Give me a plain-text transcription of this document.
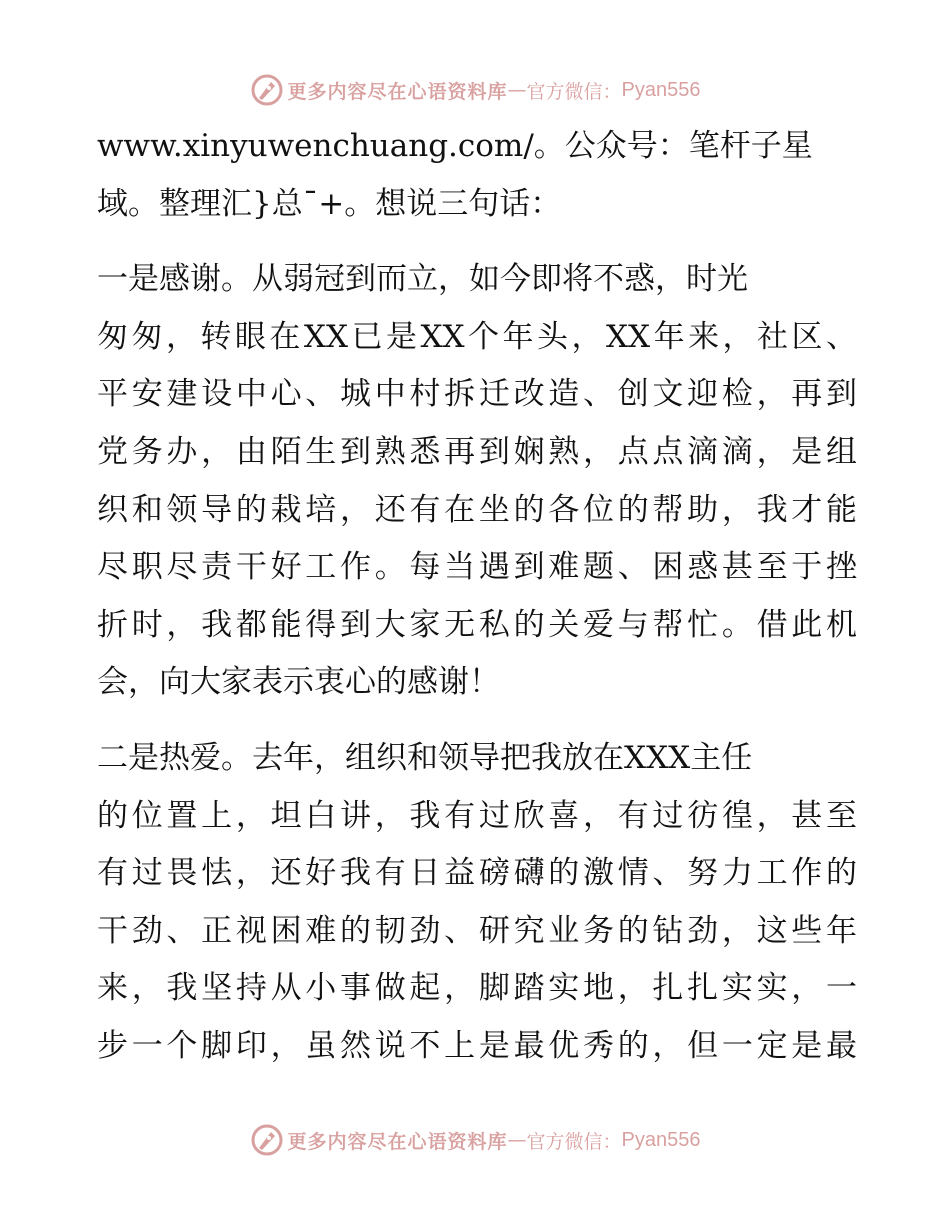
更多内容尽在心语资料库 — 官方微信： Pyan556
www.xinyuwenchuang.com/。公众号：笔杆子星
域。整理汇}总¯+。想说三句话：
一是感谢。从弱冠到而立，如今即将不惑，时光
匆匆，转眼在XX已是XX个年头，XX年来，社区、
平安建设中心、城中村拆迁改造、创文迎检，再到
党务办，由陌生到熟悉再到娴熟，点点滴滴，是组
织和领导的栽培，还有在坐的各位的帮助，我才能
尽职尽责干好工作。每当遇到难题、困惑甚至于挫
折时，我都能得到大家无私的关爱与帮忙。借此机
会，向大家表示衷心的感谢！
二是热爱。去年，组织和领导把我放在XXX主任
的位置上，坦白讲，我有过欣喜，有过彷徨，甚至
有过畏怯，还好我有日益磅礴的激情、努力工作的
干劲、正视困难的韧劲、研究业务的钻劲，这些年
来，我坚持从小事做起，脚踏实地，扎扎实实，一
步一个脚印，虽然说不上是最优秀的，但一定是最
更多内容尽在心语资料库 — 官方微信： Pyan556
